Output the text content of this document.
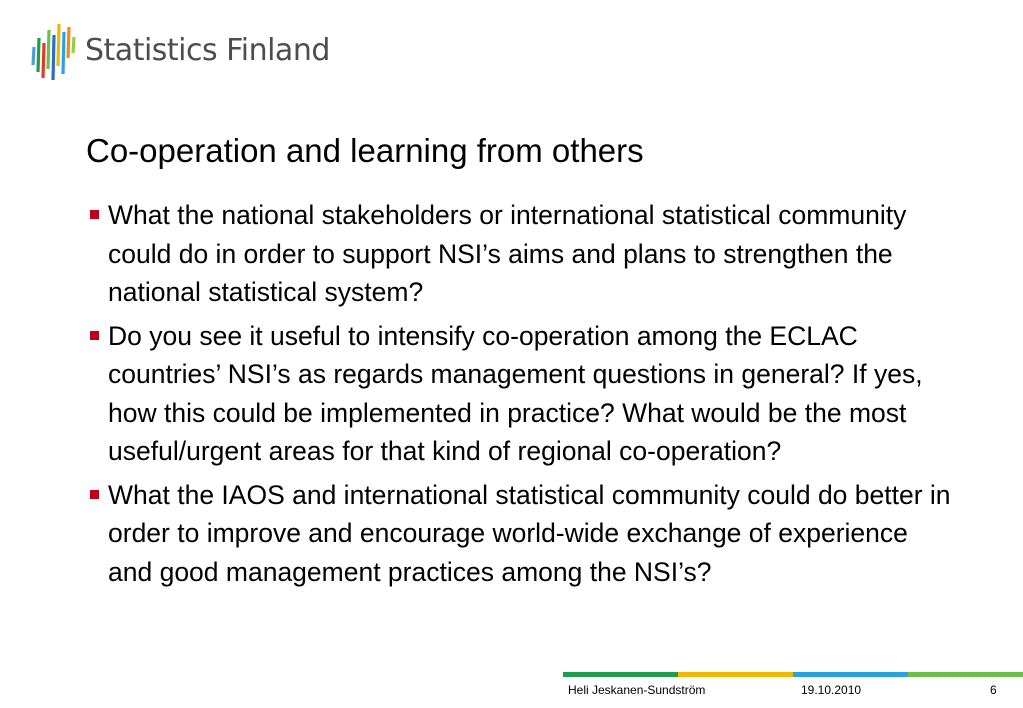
Statistics Finland
Co-operation and learning from others
What the national stakeholders or international statistical community could do in order to support NSI’s aims and plans to strengthen the national statistical system?
Do you see it useful to intensify co-operation among the ECLAC countries’ NSI’s as regards management questions in general? If yes, how this could be implemented in practice? What would be the most useful/urgent areas for that kind of regional co-operation?
What the IAOS and international statistical community could do better in order to improve and encourage world-wide exchange of experience and good management practices among the NSI’s?
Heli Jeskanen-Sundström	19.10.2010	6
